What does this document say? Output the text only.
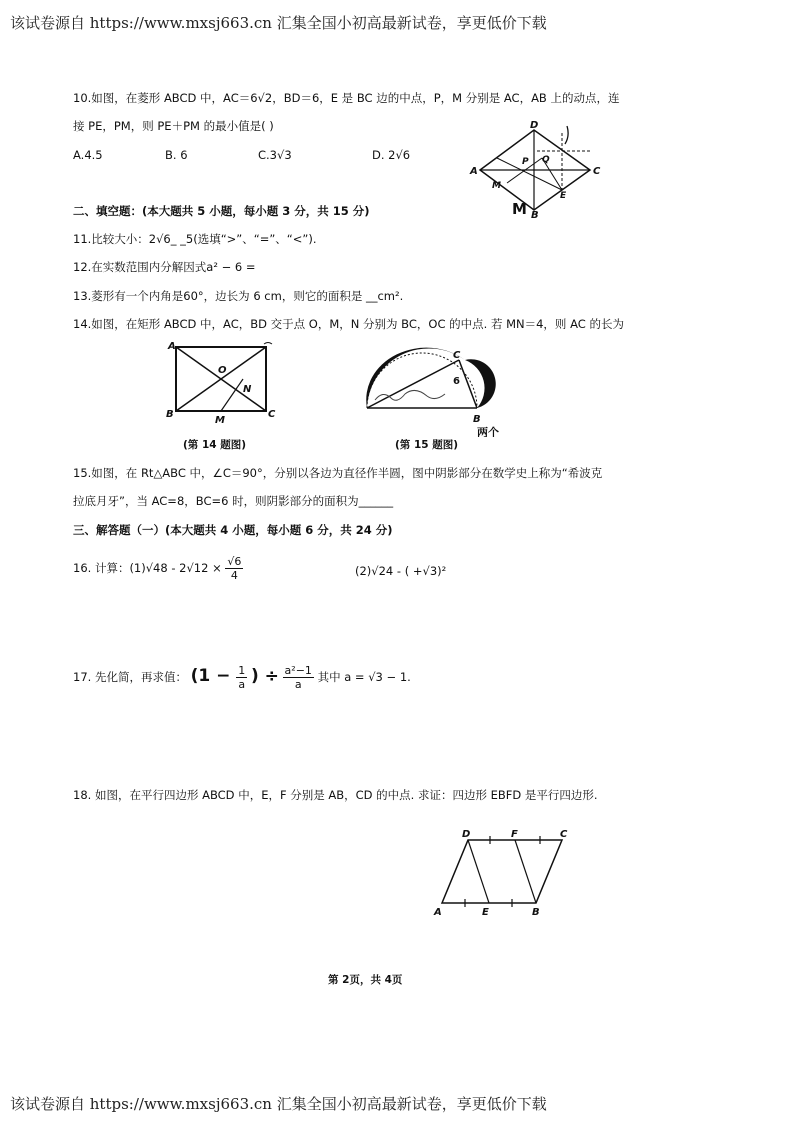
该试卷源自 https://www.mxsj663.cn 汇集全国小初高最新试卷，享更低价下载
10.如图，在菱形 ABCD 中，AC＝6√2，BD＝6，E 是 BC 边的中点，P，M 分别是 AC，AB 上的动点，连
接 PE，PM，则 PE＋PM 的最小值是( )
A.4.5	B. 6	C.3√3	D. 2√6
A
B
C
D
P Q
M
E
M
二、填空题：(本大题共 5 小题，每小题 3 分，共 15 分)
11.比较大小：2√6_ _5(选填“>”、“=”、“<”).
12.在实数范围内分解因式a² − 6 =
13.菱形有一个内角是60°，边长为 6 cm，则它的面积是 __cm².
14.如图，在矩形 ABCD 中，AC，BD 交于点 O，M，N 分别为 BC，OC 的中点. 若 MN＝4，则 AC 的长为
A
B	C
O
N
M
(第 14 题图)
6
C
B
两个
(第 15 题图)
15.如图，在 Rt△ABC 中，∠C＝90°，分别以各边为直径作半圆，图中阴影部分在数学史上称为“希波克
拉底月牙”，当 AC=8，BC=6 时，则阴影部分的面积为______
三、解答题（一）(本大题共 4 小题，每小题 6 分，共 24 分)
16. 计算：$(1)√48 - 2√12 \times \frac{√6}{4}$	(2)√24 - ( +√3)²
17. 先化简，再求值： ($1 - \frac{1}{a}$ ) ÷ $\frac{\text{a²−1}}{a}$ 其中 a = √3 − 1.
18. 如图，在平行四边形 ABCD 中，E，F 分别是 AB，CD 的中点. 求证：四边形 EBFD 是平行四边形.
D	F	C
A	E	B
第 2页，共 4页
该试卷源自 https://www.mxsj663.cn 汇集全国小初高最新试卷，享更低价下载
